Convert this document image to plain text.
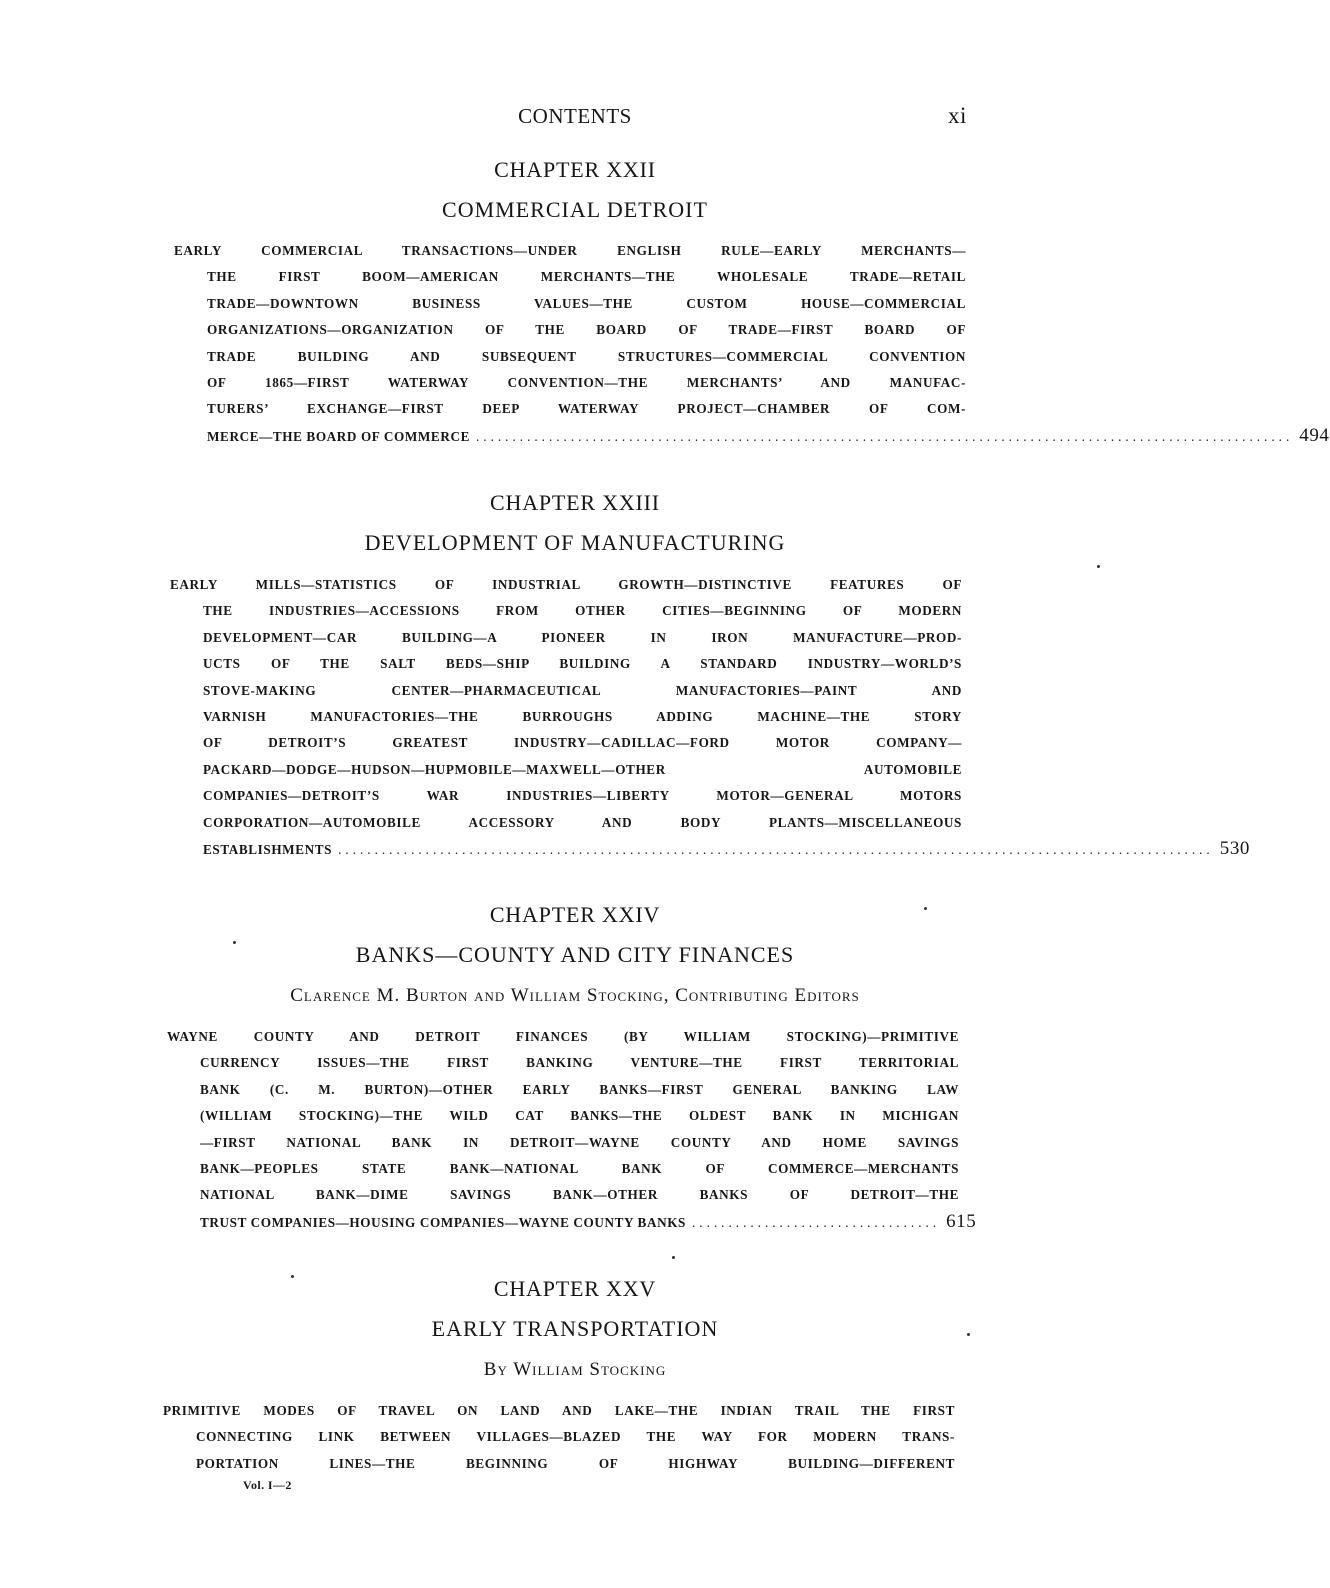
CONTENTS	xi
CHAPTER XXII
COMMERCIAL DETROIT
EARLY COMMERCIAL TRANSACTIONS—UNDER ENGLISH RULE—EARLY MERCHANTS—
THE FIRST BOOM—AMERICAN MERCHANTS—THE WHOLESALE TRADE—RETAIL
TRADE—DOWNTOWN BUSINESS VALUES—THE CUSTOM HOUSE—COMMERCIAL
ORGANIZATIONS—ORGANIZATION OF THE BOARD OF TRADE—FIRST BOARD OF
TRADE BUILDING AND SUBSEQUENT STRUCTURES—COMMERCIAL CONVENTION
OF 1865—FIRST WATERWAY CONVENTION—THE MERCHANTS’ AND MANUFAC-
TURERS’ EXCHANGE—FIRST DEEP WATERWAY PROJECT—CHAMBER OF COM-
MERCE—THE BOARD OF COMMERCE ................................................................................................................ 494
CHAPTER XXIII
DEVELOPMENT OF MANUFACTURING
EARLY MILLS—STATISTICS OF INDUSTRIAL GROWTH—DISTINCTIVE FEATURES OF
THE INDUSTRIES—ACCESSIONS FROM OTHER CITIES—BEGINNING OF MODERN
DEVELOPMENT—CAR BUILDING—A PIONEER IN IRON MANUFACTURE—PROD-
UCTS OF THE SALT BEDS—SHIP BUILDING A STANDARD INDUSTRY—WORLD’S
STOVE-MAKING CENTER—PHARMACEUTICAL MANUFACTORIES—PAINT AND
VARNISH MANUFACTORIES—THE BURROUGHS ADDING MACHINE—THE STORY
OF DETROIT’S GREATEST INDUSTRY—CADILLAC—FORD MOTOR COMPANY—
PACKARD—DODGE—HUDSON—HUPMOBILE—MAXWELL—OTHER AUTOMOBILE
COMPANIES—DETROIT’S WAR INDUSTRIES—LIBERTY MOTOR—GENERAL MOTORS
CORPORATION—AUTOMOBILE ACCESSORY AND BODY PLANTS—MISCELLANEOUS
ESTABLISHMENTS ........................................................................................................................ 530
CHAPTER XXIV
BANKS—COUNTY AND CITY FINANCES
Clarence M. Burton and William Stocking, Contributing Editors
WAYNE COUNTY AND DETROIT FINANCES (BY WILLIAM STOCKING)—PRIMITIVE
CURRENCY ISSUES—THE FIRST BANKING VENTURE—THE FIRST TERRITORIAL
BANK (C. M. BURTON)—OTHER EARLY BANKS—FIRST GENERAL BANKING LAW
(WILLIAM STOCKING)—THE WILD CAT BANKS—THE OLDEST BANK IN MICHIGAN
—FIRST NATIONAL BANK IN DETROIT—WAYNE COUNTY AND HOME SAVINGS
BANK—PEOPLES STATE BANK—NATIONAL BANK OF COMMERCE—MERCHANTS
NATIONAL BANK—DIME SAVINGS BANK—OTHER BANKS OF DETROIT—THE
TRUST COMPANIES—HOUSING COMPANIES—WAYNE COUNTY BANKS .................................. 615
CHAPTER XXV
EARLY TRANSPORTATION
By William Stocking
PRIMITIVE MODES OF TRAVEL ON LAND AND LAKE—THE INDIAN TRAIL THE FIRST
CONNECTING LINK BETWEEN VILLAGES—BLAZED THE WAY FOR MODERN TRANS-
PORTATION LINES—THE BEGINNING OF HIGHWAY BUILDING—DIFFERENT
Vol. I—2
